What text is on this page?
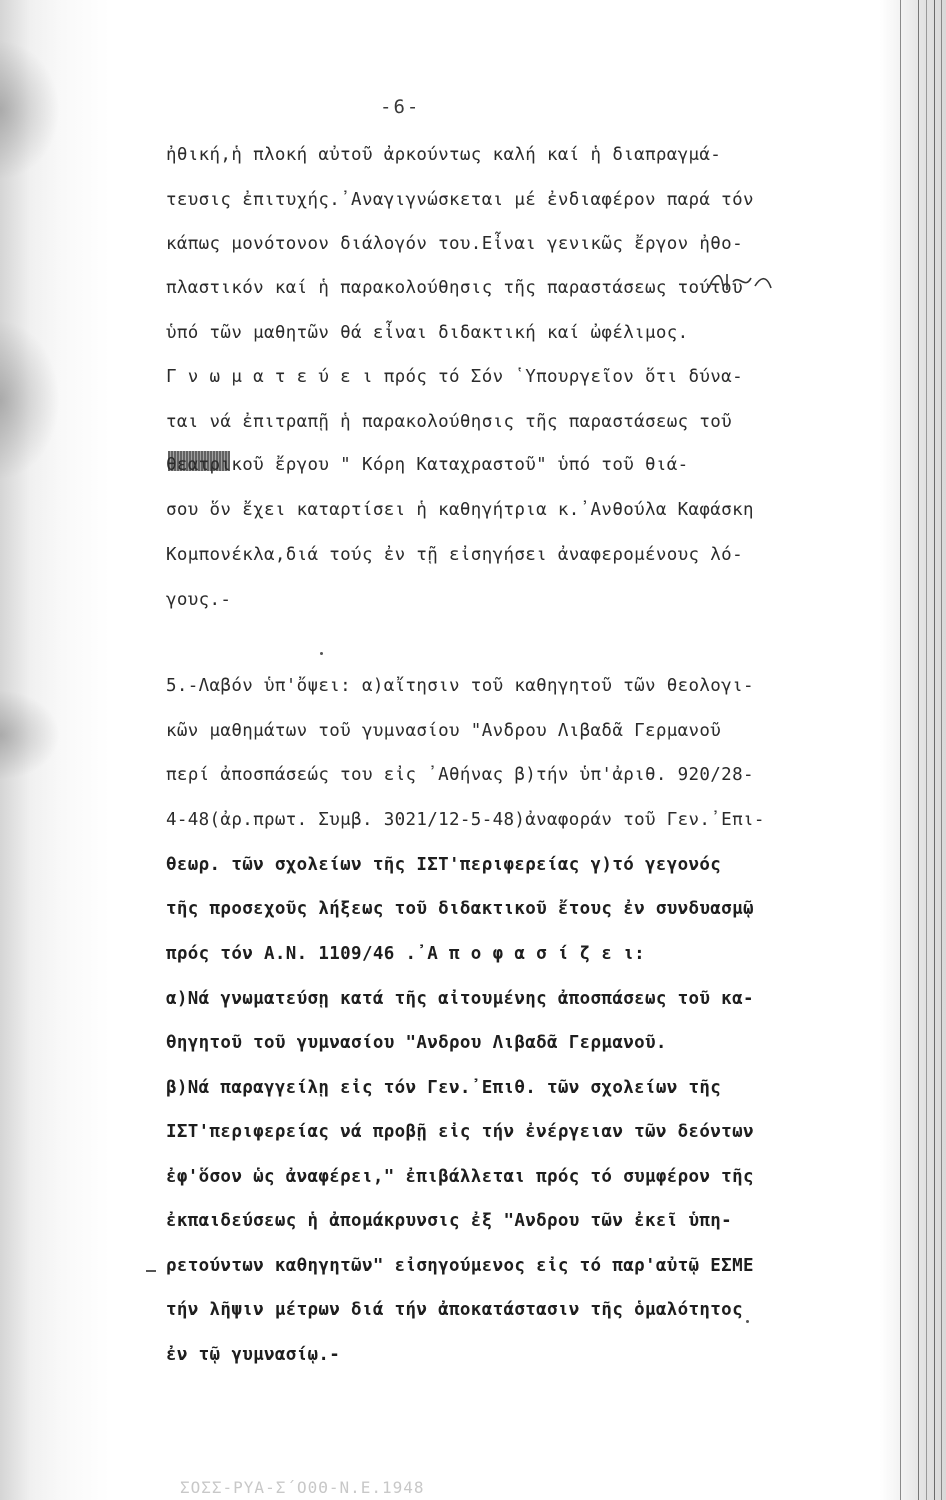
-6-
ἠθική,ἡ πλοκή αὐτοῦ ἀρκούντως καλή καί ἡ διαπραγμά-
τευσις ἐπιτυχής.᾿Αναγιγνώσκεται μέ ἐνδιαφέρον παρά τόν
κάπως μονότονον διάλογόν του.Εἶναι γενικῶς ἔργον ἠθο-
πλαστικόν καί ἡ παρακολούθησις τῆς παραστάσεως τούτου
ὑπό τῶν μαθητῶν θά εἶναι διδακτική καί ὠφέλιμος.
Γ ν ω μ α τ ε ύ ε ι πρός τό Σόν ῾Υπουργεῖον ὅτι δύνα-
ται νά ἐπιτραπῇ ἡ παρακολούθησις τῆς παραστάσεως τοῦ
θεατρικοῦ ἔργου " Κόρη Καταχραστοῦ" ὑπό τοῦ θιά-
σου ὅν ἔχει καταρτίσει ἡ καθηγήτρια κ.᾿Ανθούλα Καφάσκη
Κομπονέκλα,διά τούς ἐν τῇ εἰσηγήσει ἀναφερομένους λό-
γους.-
5.-Λαβόν ὑπ'ὄψει: α)αἴτησιν τοῦ καθηγητοῦ τῶν θεολογι-
κῶν μαθημάτων τοῦ γυμνασίου "Ανδρου Λιβαδᾶ Γερμανοῦ
περί ἀποσπάσεώς του εἰς ᾿Αθήνας β)τήν ὑπ'ἀριθ. 920/28-
4-48(ἀρ.πρωτ. Συμβ. 3021/12-5-48)ἀναφοράν τοῦ Γεν.᾿Επι-
θεωρ. τῶν σχολείων τῆς ΙΣΤ'περιφερείας γ)τό γεγονός
τῆς προσεχοῦς λήξεως τοῦ διδακτικοῦ ἔτους ἐν συνδυασμῷ
πρός τόν Α.Ν. 1109/46 .᾿Α π ο φ α σ ί ζ ε ι:
α)Νά γνωματεύσῃ κατά τῆς αἰτουμένης ἀποσπάσεως τοῦ κα-
θηγητοῦ τοῦ γυμνασίου "Ανδρου Λιβαδᾶ Γερμανοῦ.
β)Νά παραγγείλῃ εἰς τόν Γεν.᾿Επιθ. τῶν σχολείων τῆς
ΙΣΤ'περιφερείας νά προβῇ εἰς τήν ἐνέργειαν τῶν δεόντων
ἐφ'ὅσον ὡς ἀναφέρει," ἐπιβάλλεται πρός τό συμφέρον τῆς
ἐκπαιδεύσεως ἡ ἀπομάκρυνσις ἐξ "Ανδρου τῶν ἐκεῖ ὑπη-
ρετούντων καθηγητῶν" εἰσηγούμενος εἰς τό παρ'αὐτῷ ΕΣΜΕ
τήν λῆψιν μέτρων διά τήν ἀποκατάστασιν τῆς ὁμαλότητος
ἐν τῷ γυμνασίῳ.-
ΣΟΣΣ-ΡΥΑ-Σ΄Ο0Θ-Ν.Ε.1948
